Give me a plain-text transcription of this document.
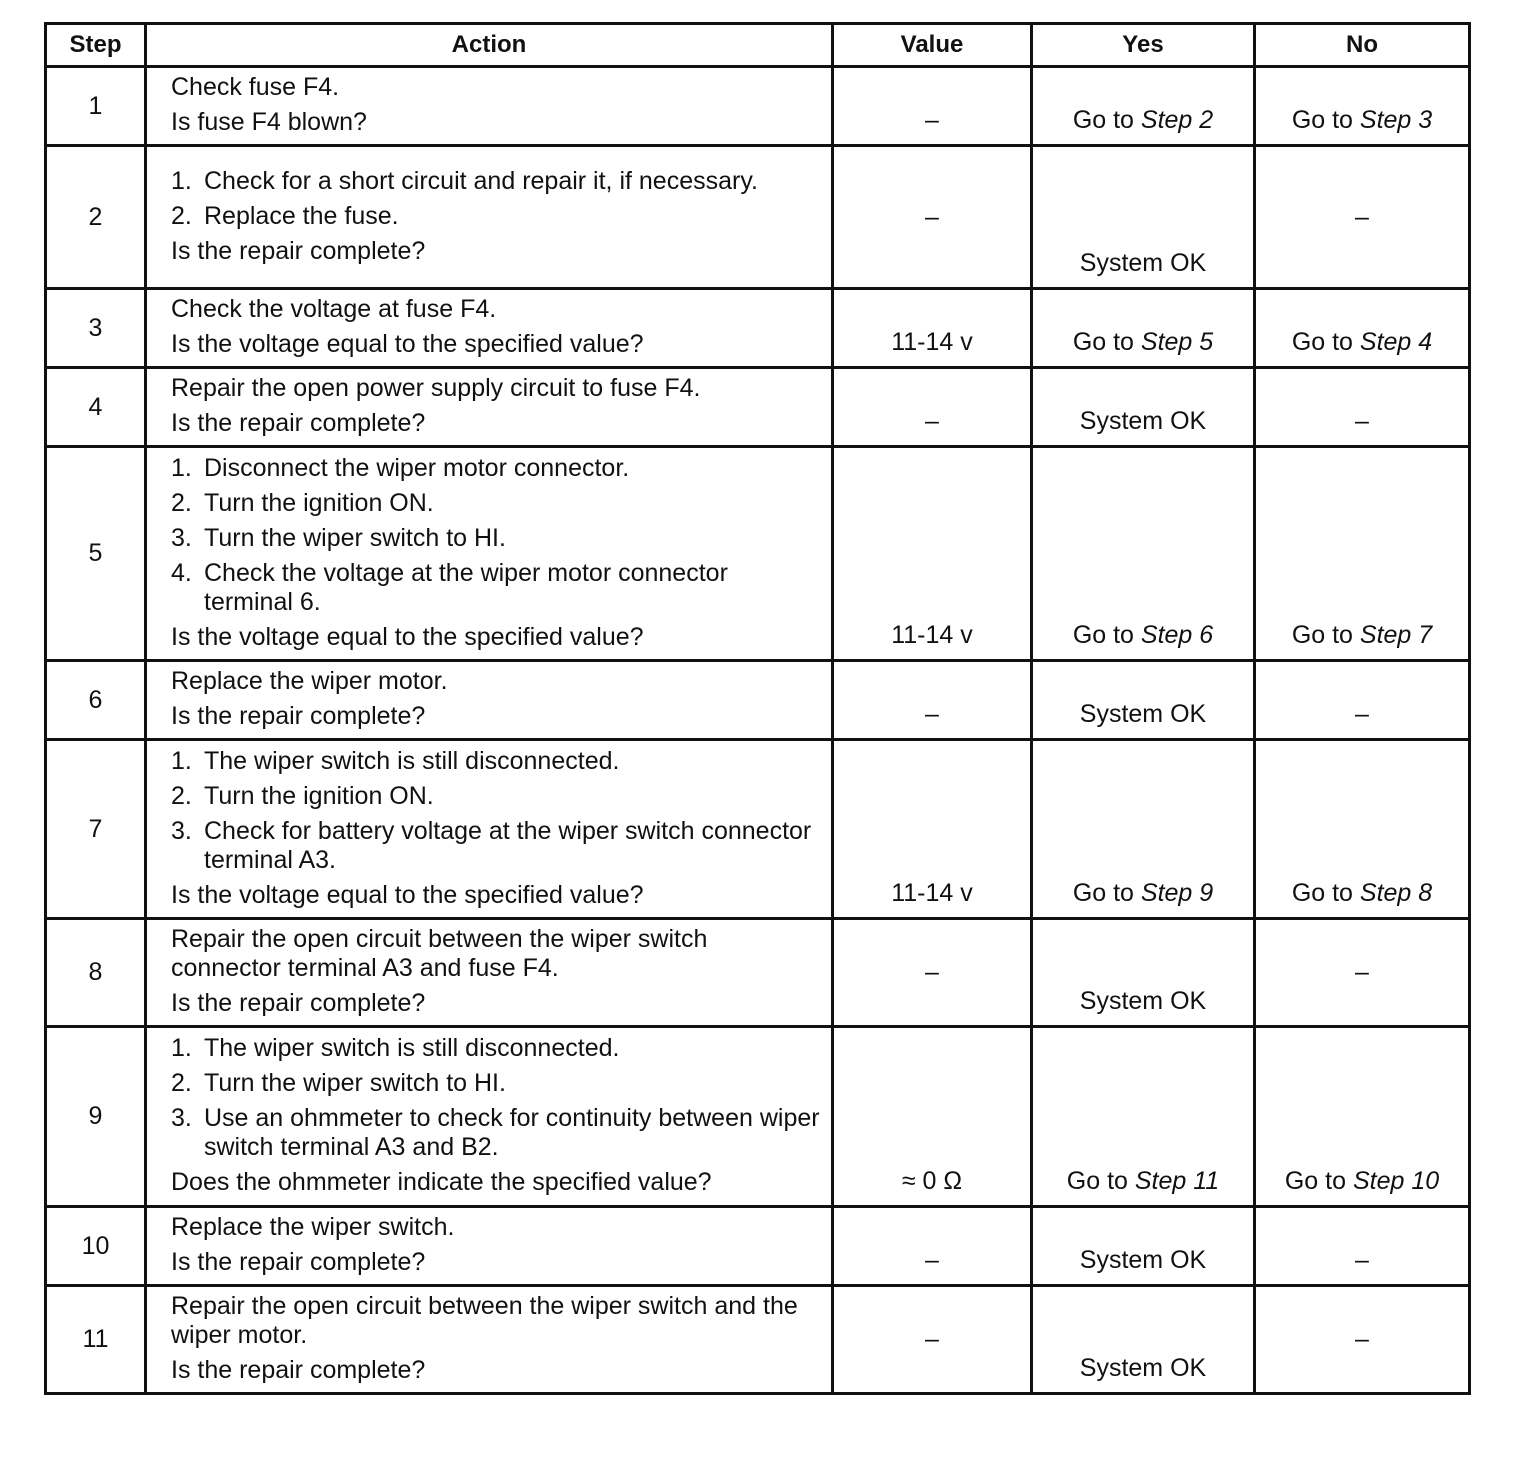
Step	Action	Value	Yes	No
1	Check fuse F4.
Is fuse F4 blown?	–	Go to Step 2	Go to Step 3
2	1. Check for a short circuit and repair it, if necessary.
2. Replace the fuse.
Is the repair complete?	–	System OK	–
3	Check the voltage at fuse F4.
Is the voltage equal to the specified value?	11-14 v	Go to Step 5	Go to Step 4
4	Repair the open power supply circuit to fuse F4.
Is the repair complete?	–	System OK	–
5	1. Disconnect the wiper motor connector.
2. Turn the ignition ON.
3. Turn the wiper switch to HI.
4. Check the voltage at the wiper motor connector terminal 6.
Is the voltage equal to the specified value?	11-14 v	Go to Step 6	Go to Step 7
6	Replace the wiper motor.
Is the repair complete?	–	System OK	–
7	1. The wiper switch is still disconnected.
2. Turn the ignition ON.
3. Check for battery voltage at the wiper switch connector terminal A3.
Is the voltage equal to the specified value?	11-14 v	Go to Step 9	Go to Step 8
8	Repair the open circuit between the wiper switch connector terminal A3 and fuse F4.
Is the repair complete?	–	System OK	–
9	1. The wiper switch is still disconnected.
2. Turn the wiper switch to HI.
3. Use an ohmmeter to check for continuity between wiper switch terminal A3 and B2.
Does the ohmmeter indicate the specified value?	≈ 0 Ω	Go to Step 11	Go to Step 10
10	Replace the wiper switch.
Is the repair complete?	–	System OK	–
11	Repair the open circuit between the wiper switch and the wiper motor.
Is the repair complete?	–	System OK	–
